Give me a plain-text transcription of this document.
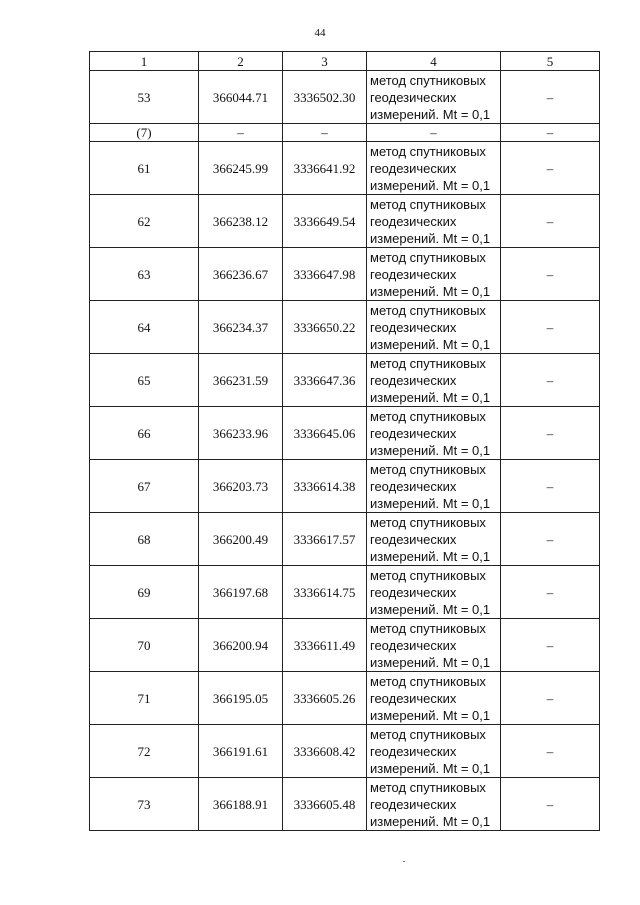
44
1	2	3	4	5
53	366044.71	3336502.30	метод спутниковых
геодезических
измерений. Mt = 0,1	–
(7)	–	–	–	–
61	366245.99	3336641.92	метод спутниковых
геодезических
измерений. Mt = 0,1	–
62	366238.12	3336649.54	метод спутниковых
геодезических
измерений. Mt = 0,1	–
63	366236.67	3336647.98	метод спутниковых
геодезических
измерений. Mt = 0,1	–
64	366234.37	3336650.22	метод спутниковых
геодезических
измерений. Mt = 0,1	–
65	366231.59	3336647.36	метод спутниковых
геодезических
измерений. Mt = 0,1	–
66	366233.96	3336645.06	метод спутниковых
геодезических
измерений. Mt = 0,1	–
67	366203.73	3336614.38	метод спутниковых
геодезических
измерений. Mt = 0,1	–
68	366200.49	3336617.57	метод спутниковых
геодезических
измерений. Mt = 0,1	–
69	366197.68	3336614.75	метод спутниковых
геодезических
измерений. Mt = 0,1	–
70	366200.94	3336611.49	метод спутниковых
геодезических
измерений. Mt = 0,1	–
71	366195.05	3336605.26	метод спутниковых
геодезических
измерений. Mt = 0,1	–
72	366191.61	3336608.42	метод спутниковых
геодезических
измерений. Mt = 0,1	–
73	366188.91	3336605.48	метод спутниковых
геодезических
измерений. Mt = 0,1	–
